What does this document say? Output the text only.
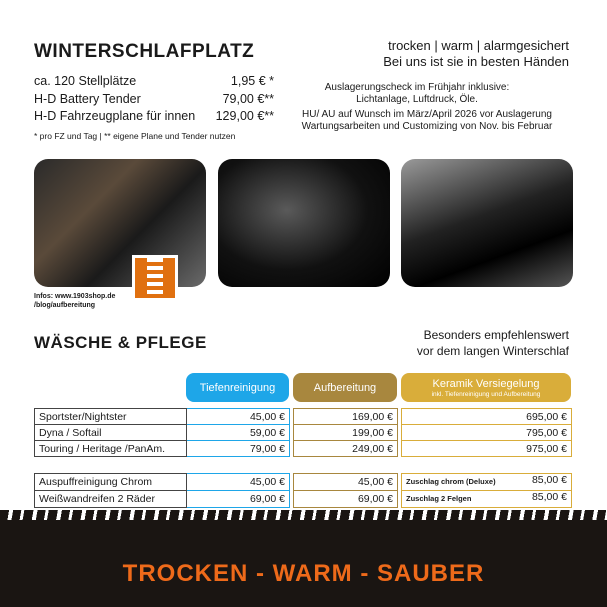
WINTERSCHLAFPLATZ	trocken | warm | alarmgesichert
Bei uns ist sie in besten Händen
ca. 120 Stellplätze	1,95 € *
H-D Battery Tender	79,00 €**
H-D Fahrzeugplane für innen 129,00 €**
* pro FZ und Tag | ** eigene Plane und Tender nutzen
Auslagerungscheck im Frühjahr inklusive:
Lichtanlage, Luftdruck, Öle.
HU/ AU auf Wunsch im März/April 2026 vor Auslagerung
Wartungsarbeiten und Customizing von Nov. bis Februar
Infos: www.1903shop.de
/blog/aufbereitung
WÄSCHE & PFLEGE	Besonders empfehlenswert
vor dem langen Winterschlaf
Tiefenreinigung	Aufbereitung	Keramik Versiegelung
inkl. Tiefenreinigung und Aufbereitung
Sportster/Nightster	45,00 €		169,00 €		695,00 €
Dyna / Softail	59,00 €		199,00 €		795,00 €
Touring / Heritage /PanAm.	79,00 €		249,00 €		975,00 €
Auspuffreinigung Chrom	45,00 €		45,00 €		Zuschlag chrom (Deluxe) 85,00 €
Weißwandreifen 2 Räder	69,00 €		69,00 €		Zuschlag 2 Felgen 85,00 €
TROCKEN - WARM - SAUBER
